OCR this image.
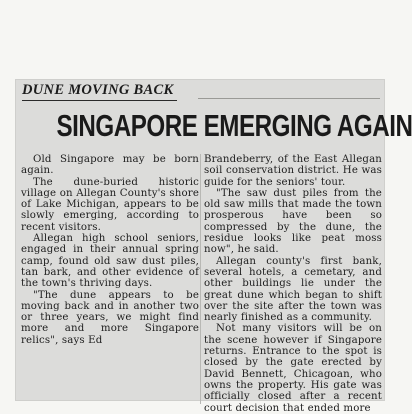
DUNE MOVING BACK
SINGAPORE EMERGING AGAIN

Old Singapore may be born again.

The dune-buried historic village on Allegan County's shore of Lake Michigan, appears to be slowly emerging, according to recent visitors.

Allegan high school seniors, engaged in their annual spring camp, found old saw dust piles, tan bark, and other evidence of the town's thriving days.

"The dune appears to be moving back and in another two or three years, we might find more and more Singapore relics", says Ed

Brandeberry, of the East Allegan soil conservation district. He was guide for the seniors' tour.

"The saw dust piles from the old saw mills that made the town prosperous have been so compressed by the dune, the residue looks like peat moss now", he said.

Allegan county's first bank, several hotels, a cemetary, and other buildings lie under the great dune which began to shift over the site after the town was nearly finished as a community.

Not many visitors will be on the scene however if Singapore returns. Entrance to the spot is closed by the gate erected by David Bennett, Chicagoan, who owns the property. His gate was officially closed after a recent court decision that ended more
